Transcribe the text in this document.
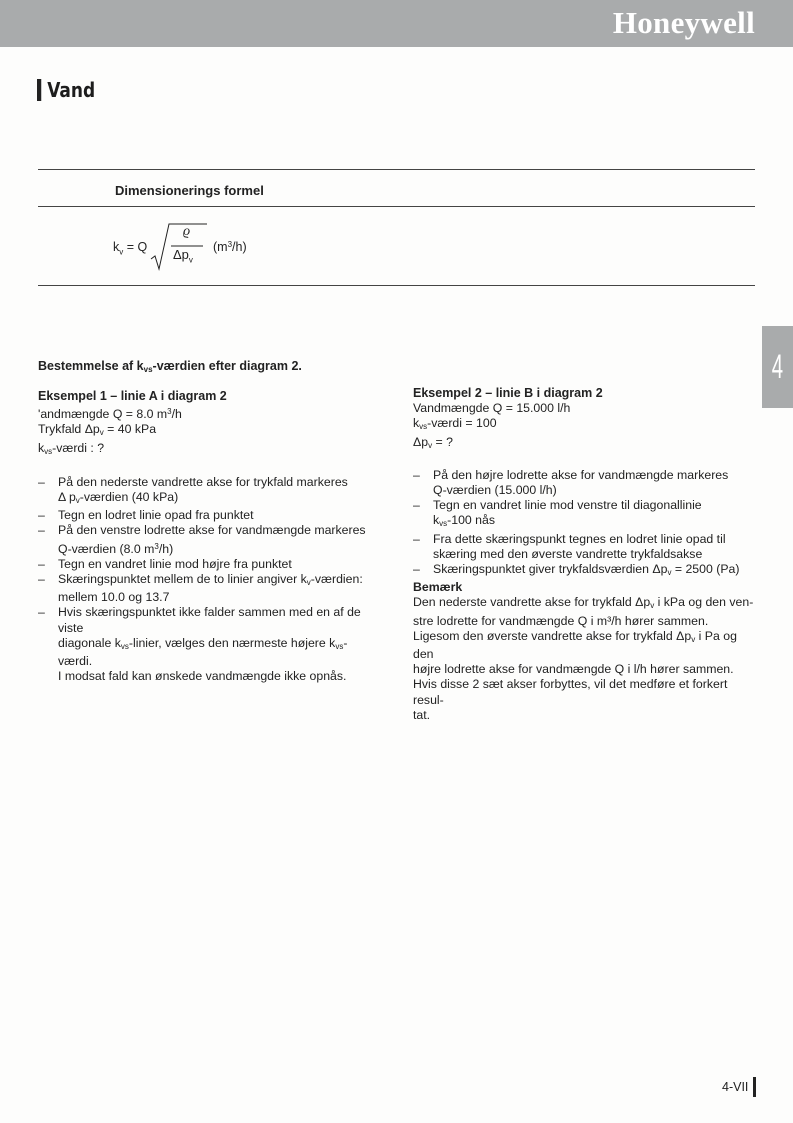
Honeywell
Vand
Dimensionerings formel
$k_v = Q$
ϱ
$\Delta p_v$
$(m^3/h)$
4
Bestemmelse af $k_{vs}$-værdien efter diagram 2.

Eksempel 1 – linie A i diagram 2

'andmængde Q = 8.0 $m^3/h$

Trykfald $\Delta p_v = 40$ kPa

$k_{vs}$-værdi : ?

– På den nederste vandrette akse for trykfald markeres
Δ $p_v$-værdien (40 kPa)
– Tegn en lodret linie opad fra punktet
– På den venstre lodrette akse for vandmængde markeres
Q-værdien (8.0 $m^3/h$)
– Tegn en vandret linie mod højre fra punktet
– Skæringspunktet mellem de to linier angiver $k_v$-værdien:
mellem 10.0 og 13.7
– Hvis skæringspunktet ikke falder sammen med en af de viste
diagonale $k_{vs}$-linier, vælges den nærmeste højere $k_{vs}$-værdi.
I modsat fald kan ønskede vandmængde ikke opnås.

Eksempel 2 – linie B i diagram 2

Vandmængde Q = 15.000 l/h

$k_{vs}$-værdi = 100

$\Delta p_v$ = ?

– På den højre lodrette akse for vandmængde markeres
Q-værdien (15.000 l/h)
– Tegn en vandret linie mod venstre til diagonallinie
$k_{vs}-100$ nås
– Fra dette skæringspunkt tegnes en lodret linie opad til
skæring med den øverste vandrette trykfaldsakse
– Skæringspunktet giver trykfaldsværdien $\Delta p_v = 2500$ (Pa)

Bemærk

Den nederste vandrette akse for trykfald $\Delta p_v$ i kPa og den ven-
stre lodrette for vandmængde Q i m³/h hører sammen.
Ligesom den øverste vandrette akse for trykfald $\Delta p_v$ i Pa og den
højre lodrette akse for vandmængde Q i l/h hører sammen.
Hvis disse 2 sæt akser forbyttes, vil det medføre et forkert resul-
tat.

4-VII
